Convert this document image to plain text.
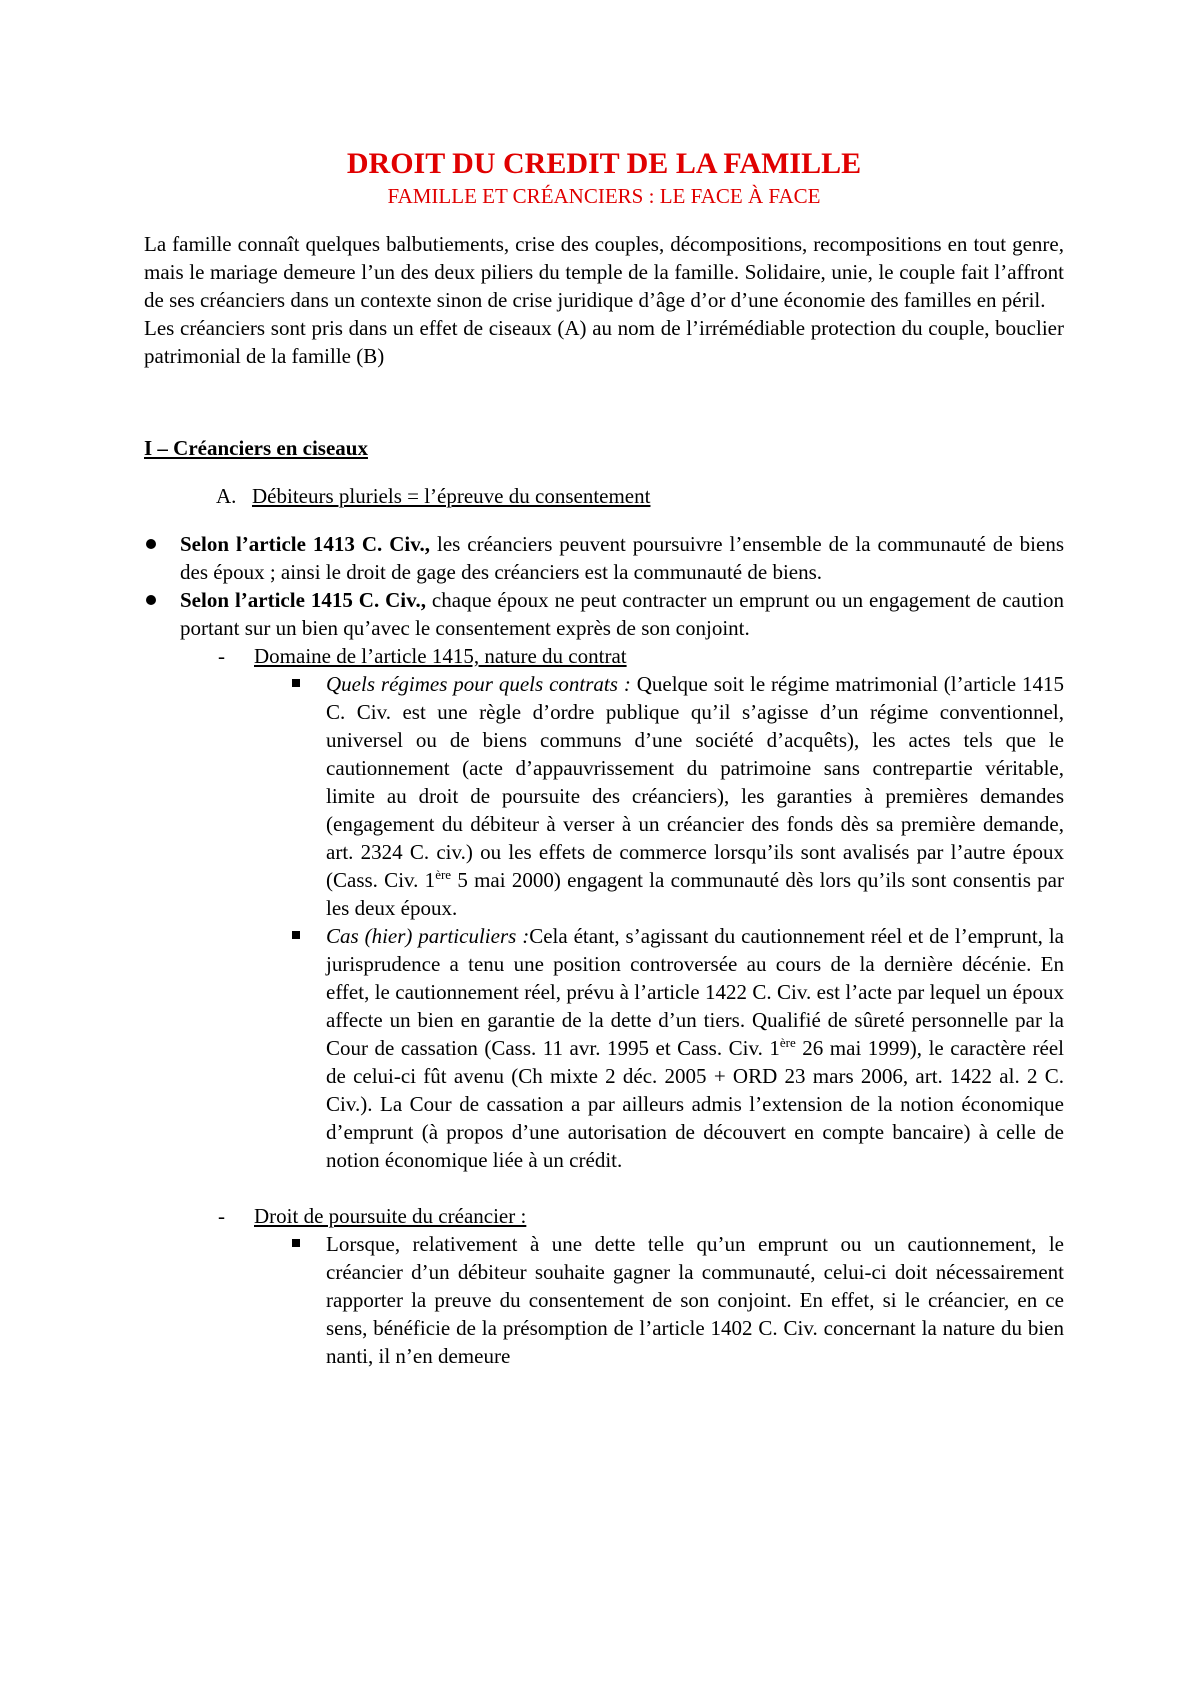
DROIT DU CREDIT DE LA FAMILLE

FAMILLE ET CRÉANCIERS : LE FACE À FACE

La famille connaît quelques balbutiements, crise des couples, décompositions, recompositions en tout genre, mais le mariage demeure l’un des deux piliers du temple de la famille. Solidaire, unie, le couple fait l’affront de ses créanciers dans un contexte sinon de crise juridique d’âge d’or d’une économie des familles en péril.

Les créanciers sont pris dans un effet de ciseaux (A) au nom de l’irrémédiable protection du couple, bouclier patrimonial de la famille (B)

I – Créanciers en ciseaux

A. Débiteurs pluriels = l’épreuve du consentement

Selon l’article 1413 C. Civ., les créanciers peuvent poursuivre l’ensemble de la communauté de biens des époux ; ainsi le droit de gage des créanciers est la communauté de biens.
Selon l’article 1415 C. Civ., chaque époux ne peut contracter un emprunt ou un engagement de caution portant sur un bien qu’avec le consentement exprès de son conjoint.
- Domaine de l’article 1415, nature du contrat
Quels régimes pour quels contrats : Quelque soit le régime matrimonial (l’article 1415 C. Civ. est une règle d’ordre publique qu’il s’agisse d’un régime conventionnel, universel ou de biens communs d’une société d’acquêts), les actes tels que le cautionnement (acte d’appauvrissement du patrimoine sans contrepartie véritable, limite au droit de poursuite des créanciers), les garanties à premières demandes (engagement du débiteur à verser à un créancier des fonds dès sa première demande, art. 2324 C. civ.) ou les effets de commerce lorsqu’ils sont avalisés par l’autre époux (Cass. Civ. 1ère 5 mai 2000) engagent la communauté dès lors qu’ils sont consentis par les deux époux.
Cas (hier) particuliers :Cela étant, s’agissant du cautionnement réel et de l’emprunt, la jurisprudence a tenu une position controversée au cours de la dernière décénie. En effet, le cautionnement réel, prévu à l’article 1422 C. Civ. est l’acte par lequel un époux affecte un bien en garantie de la dette d’un tiers. Qualifié de sûreté personnelle par la Cour de cassation (Cass. 11 avr. 1995 et Cass. Civ. 1ère 26 mai 1999), le caractère réel de celui-ci fût avenu (Ch mixte 2 déc. 2005 + ORD 23 mars 2006, art. 1422 al. 2 C. Civ.). La Cour de cassation a par ailleurs admis l’extension de la notion économique d’emprunt (à propos d’une autorisation de découvert en compte bancaire) à celle de notion économique liée à un crédit.
- Droit de poursuite du créancier :
Lorsque, relativement à une dette telle qu’un emprunt ou un cautionnement, le créancier d’un débiteur souhaite gagner la communauté, celui-ci doit nécessairement rapporter la preuve du consentement de son conjoint. En effet, si le créancier, en ce sens, bénéficie de la présomption de l’article 1402 C. Civ. concernant la nature du bien nanti, il n’en demeure
